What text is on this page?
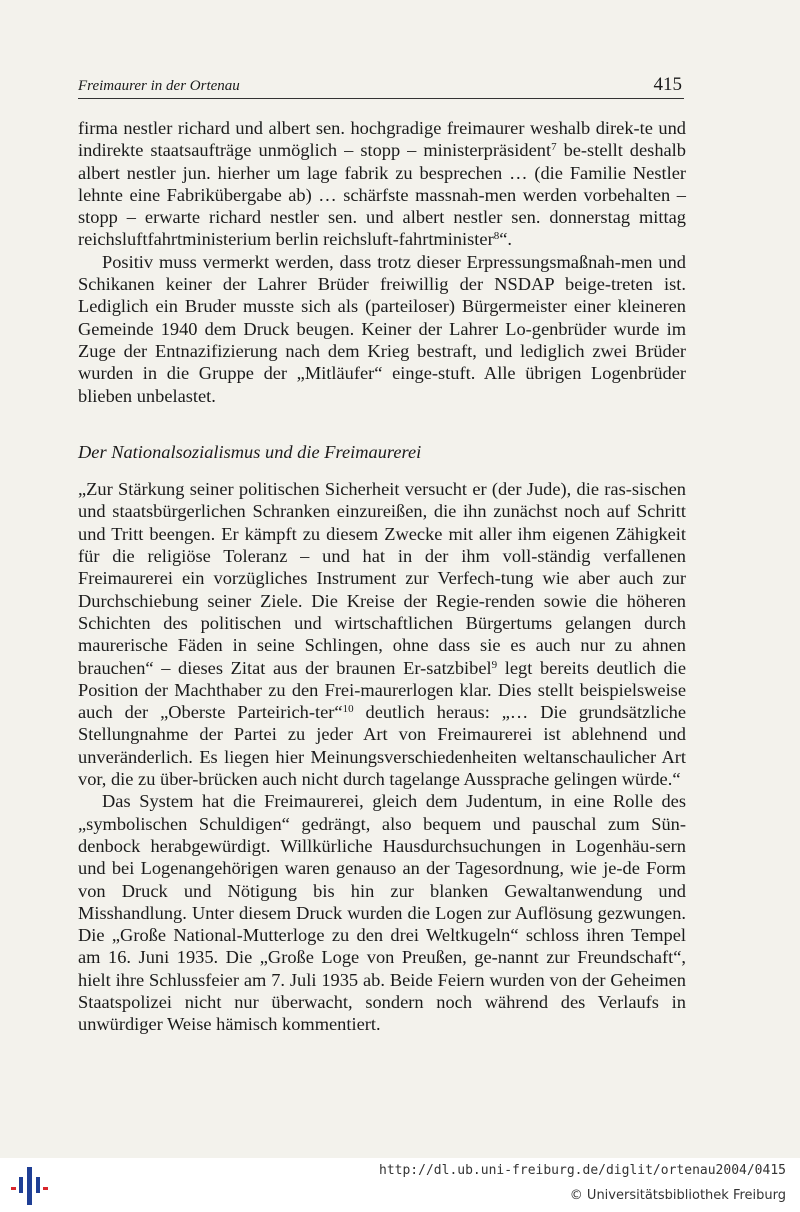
Freimaurer in der Ortenau	415

firma nestler richard und albert sen. hochgradige freimaurer weshalb direk-te und indirekte staatsaufträge unmöglich – stopp – ministerpräsident$^7$ be-stellt deshalb albert nestler jun. hierher um lage fabrik zu besprechen … (die Familie Nestler lehnte eine Fabrikübergabe ab) … schärfste massnah-men werden vorbehalten – stopp – erwarte richard nestler sen. und albert nestler sen. donnerstag mittag reichsluftfahrtministerium berlin reichsluft-fahrtminister$^8$“.

Positiv muss vermerkt werden, dass trotz dieser Erpressungsmaßnah-men und Schikanen keiner der Lahrer Brüder freiwillig der NSDAP beige-treten ist. Lediglich ein Bruder musste sich als (parteiloser) Bürgermeister einer kleineren Gemeinde 1940 dem Druck beugen. Keiner der Lahrer Lo-genbrüder wurde im Zuge der Entnazifizierung nach dem Krieg bestraft, und lediglich zwei Brüder wurden in die Gruppe der „Mitläufer“ einge-stuft. Alle übrigen Logenbrüder blieben unbelastet.

Der Nationalsozialismus und die Freimaurerei

„Zur Stärkung seiner politischen Sicherheit versucht er (der Jude), die ras-sischen und staatsbürgerlichen Schranken einzureißen, die ihn zunächst noch auf Schritt und Tritt beengen. Er kämpft zu diesem Zwecke mit aller ihm eigenen Zähigkeit für die religiöse Toleranz – und hat in der ihm voll-ständig verfallenen Freimaurerei ein vorzügliches Instrument zur Verfech-tung wie aber auch zur Durchschiebung seiner Ziele. Die Kreise der Regie-renden sowie die höheren Schichten des politischen und wirtschaftlichen Bürgertums gelangen durch maurerische Fäden in seine Schlingen, ohne dass sie es auch nur zu ahnen brauchen“ – dieses Zitat aus der braunen Er-satzbibel$^9$ legt bereits deutlich die Position der Machthaber zu den Frei-maurerlogen klar. Dies stellt beispielsweise auch der „Oberste Parteirich-ter“$^{10}$ deutlich heraus: „… Die grundsätzliche Stellungnahme der Partei zu jeder Art von Freimaurerei ist ablehnend und unveränderlich. Es liegen hier Meinungsverschiedenheiten weltanschaulicher Art vor, die zu über-brücken auch nicht durch tagelange Aussprache gelingen würde.“

Das System hat die Freimaurerei, gleich dem Judentum, in eine Rolle des „symbolischen Schuldigen“ gedrängt, also bequem und pauschal zum Sün-denbock herabgewürdigt. Willkürliche Hausdurchsuchungen in Logenhäu-sern und bei Logenangehörigen waren genauso an der Tagesordnung, wie je-de Form von Druck und Nötigung bis hin zur blanken Gewaltanwendung und Misshandlung. Unter diesem Druck wurden die Logen zur Auflösung gezwungen. Die „Große National-Mutterloge zu den drei Weltkugeln“ schloss ihren Tempel am 16. Juni 1935. Die „Große Loge von Preußen, ge-nannt zur Freundschaft“, hielt ihre Schlussfeier am 7. Juli 1935 ab. Beide Feiern wurden von der Geheimen Staatspolizei nicht nur überwacht, sondern noch während des Verlaufs in unwürdiger Weise hämisch kommentiert.

http://dl.ub.uni-freiburg.de/diglit/ortenau2004/0415
© Universitätsbibliothek Freiburg
